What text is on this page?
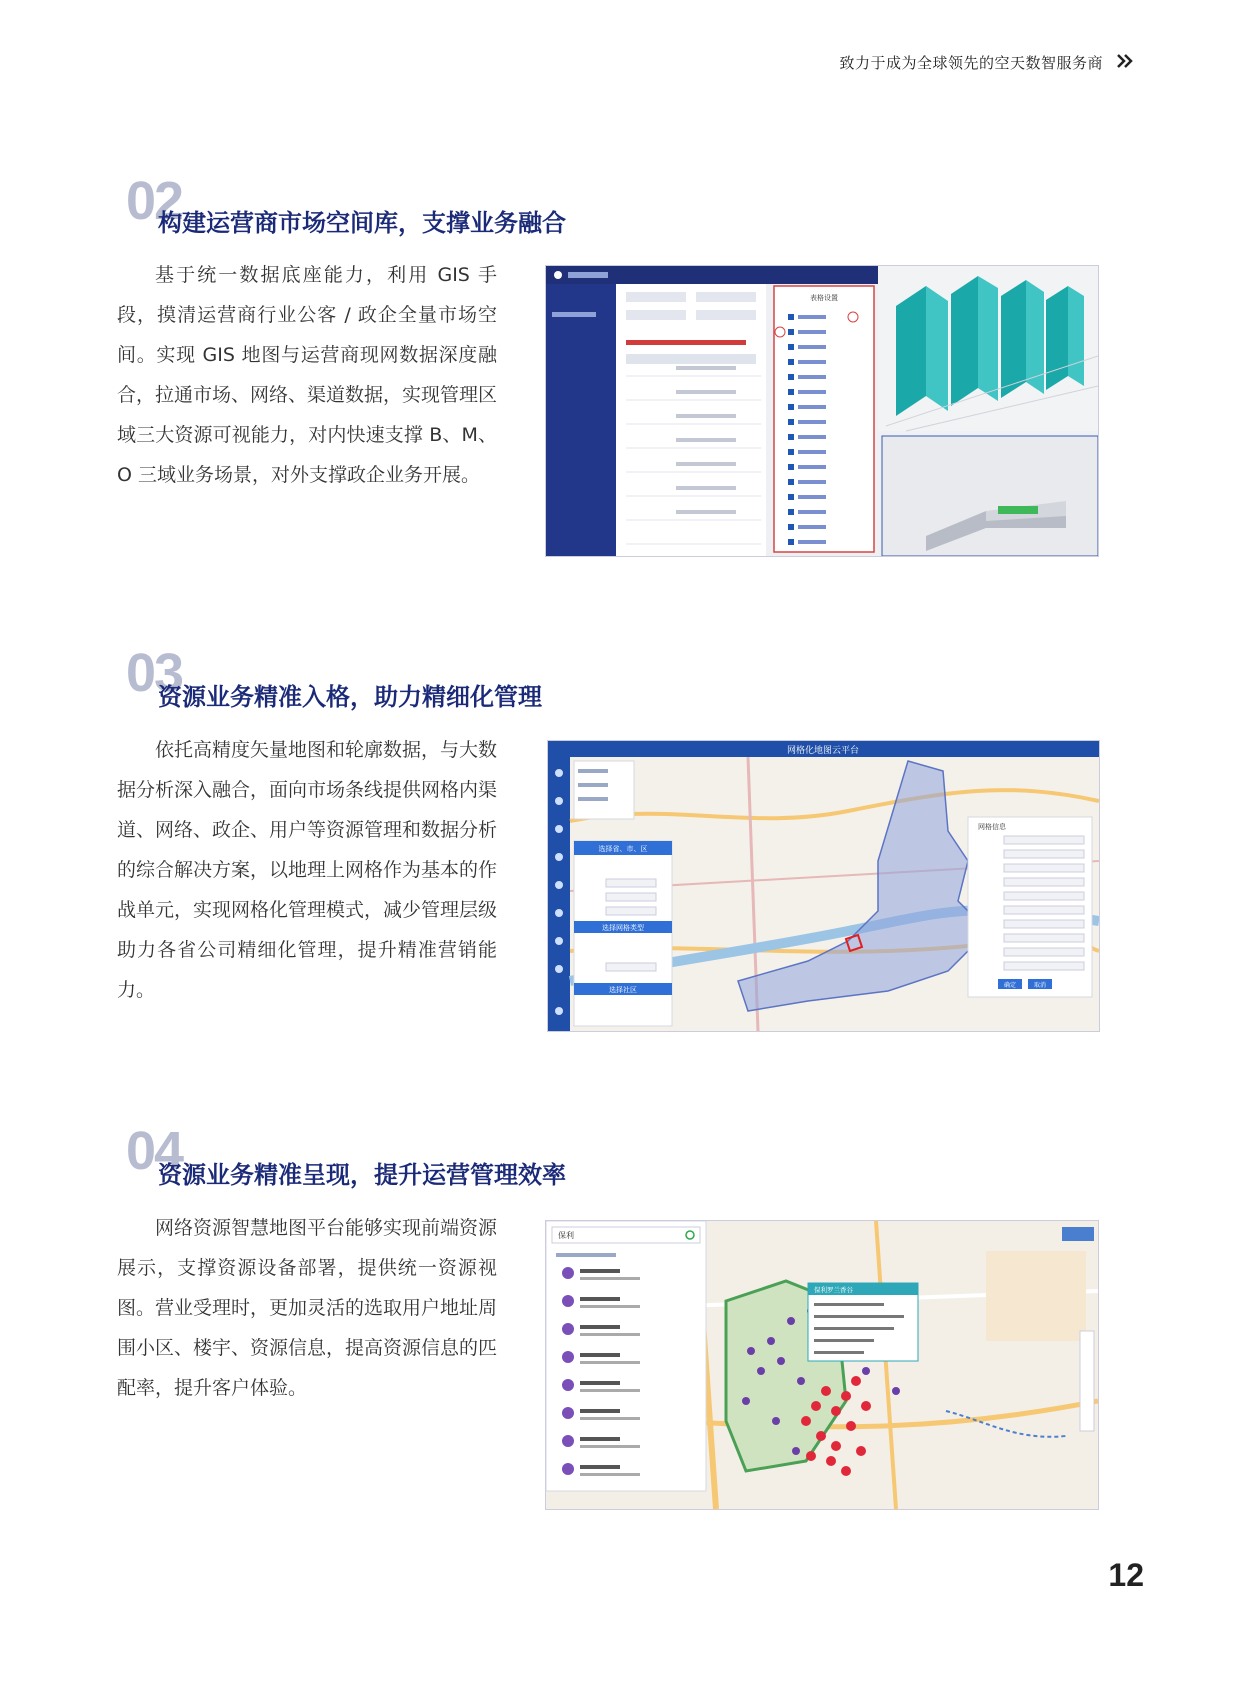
致力于成为全球领先的空天数智服务商
02
构建运营商市场空间库，支撑业务融合
基于统一数据底座能力，利用 GIS 手段，摸清运营商行业公客 / 政企全量市场空间。实现 GIS 地图与运营商现网数据深度融合，拉通市场、网络、渠道数据，实现管理区域三大资源可视能力，对内快速支撑 B、M、O 三域业务场景，对外支撑政企业务开展。
表格设置
03
资源业务精准入格，助力精细化管理
依托高精度矢量地图和轮廓数据，与大数据分析深入融合，面向市场条线提供网格内渠道、网络、政企、用户等资源管理和数据分析的综合解决方案，以地理上网格作为基本的作战单元，实现网格化管理模式，减少管理层级助力各省公司精细化管理，提升精准营销能力。
网格化地图云平台
选择省、市、区
选择网格类型
选择社区
网格信息
确定	取消
04
资源业务精准呈现，提升运营管理效率
网络资源智慧地图平台能够实现前端资源展示，支撑资源设备部署，提供统一资源视图。营业受理时，更加灵活的选取用户地址周围小区、楼宇、资源信息，提高资源信息的匹配率，提升客户体验。
保利
保利罗兰香谷
12
